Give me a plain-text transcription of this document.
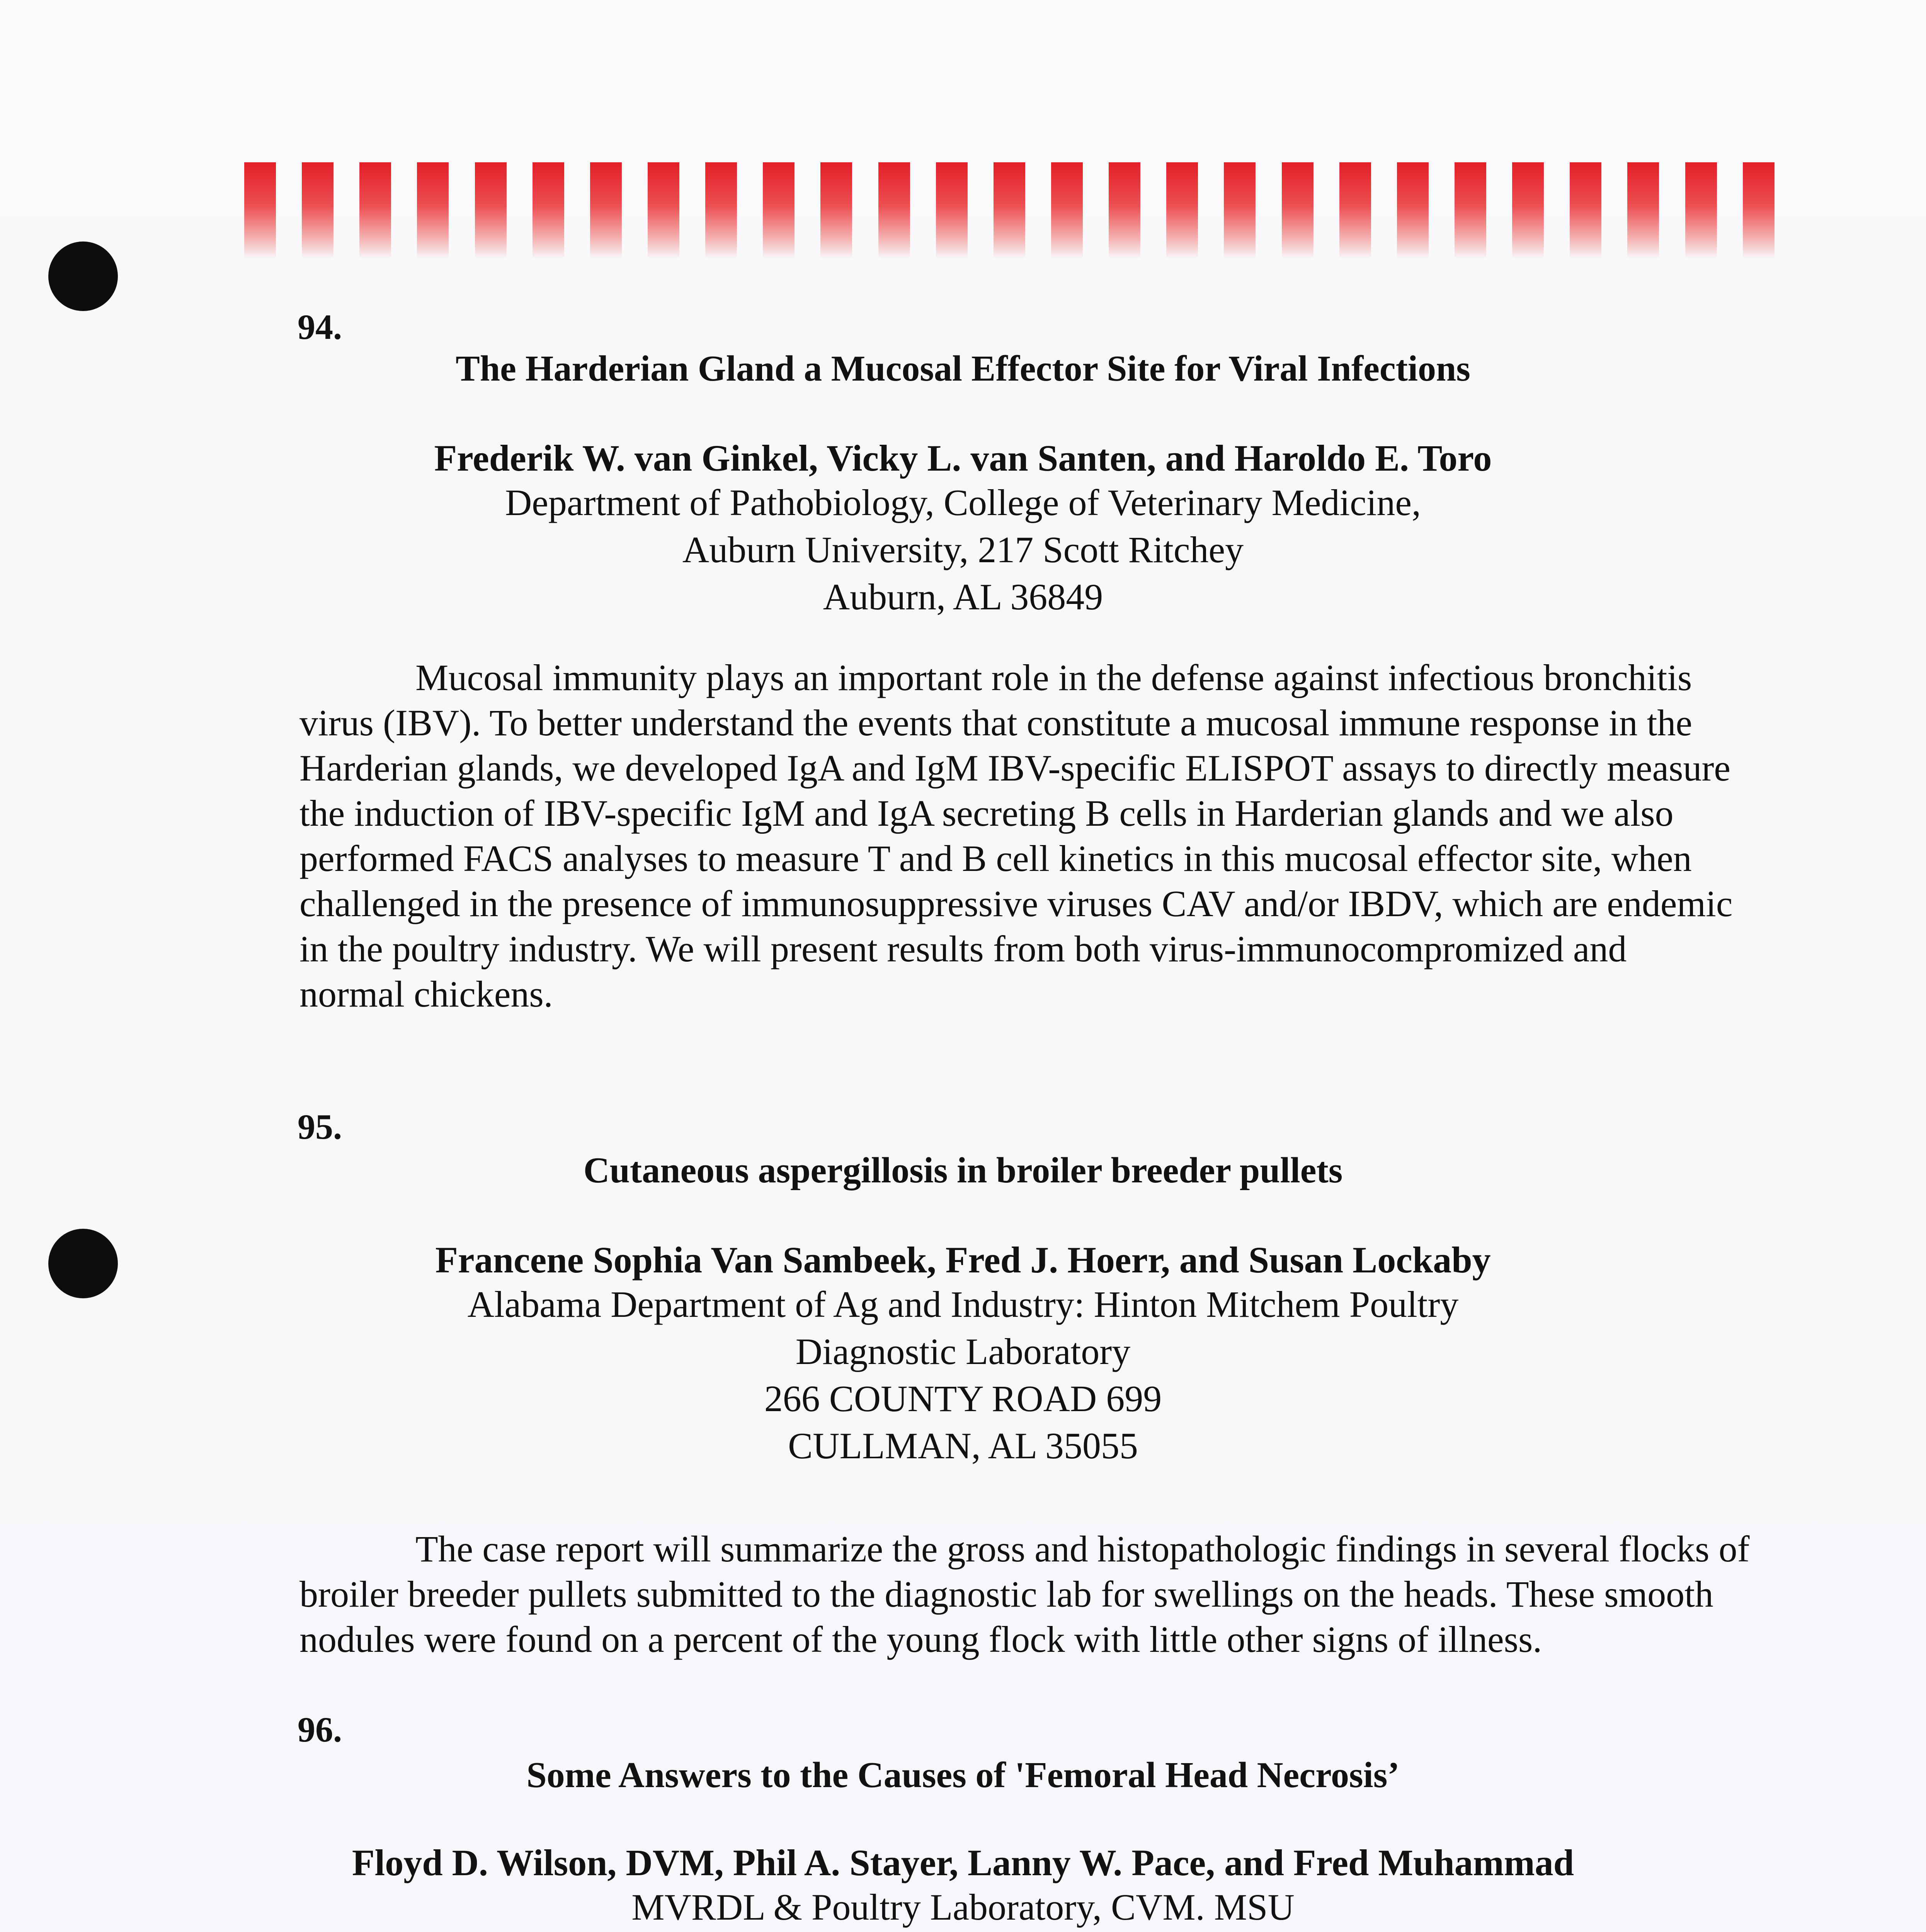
94.
The Harderian Gland a Mucosal Effector Site for Viral Infections
Frederik W. van Ginkel, Vicky L. van Santen, and Haroldo E. Toro
Department of Pathobiology, College of Veterinary Medicine,
Auburn University, 217 Scott Ritchey
Auburn, AL 36849
Mucosal immunity plays an important role in the defense against infectious bronchitis
virus (IBV). To better understand the events that constitute a mucosal immune response in the
Harderian glands, we developed IgA and IgM IBV-specific ELISPOT assays to directly measure
the induction of IBV-specific IgM and IgA secreting B cells in Harderian glands and we also
performed FACS analyses to measure T and B cell kinetics in this mucosal effector site, when
challenged in the presence of immunosuppressive viruses CAV and/or IBDV, which are endemic
in the poultry industry. We will present results from both virus-immunocompromized and
normal chickens.
95.
Cutaneous aspergillosis in broiler breeder pullets
Francene Sophia Van Sambeek, Fred J. Hoerr, and Susan Lockaby
Alabama Department of Ag and Industry: Hinton Mitchem Poultry
Diagnostic Laboratory
266 COUNTY ROAD 699
CULLMAN, AL 35055
The case report will summarize the gross and histopathologic findings in several flocks of
broiler breeder pullets submitted to the diagnostic lab for swellings on the heads. These smooth
nodules were found on a percent of the young flock with little other signs of illness.
96.
Some Answers to the Causes of 'Femoral Head Necrosis’
Floyd D. Wilson, DVM, Phil A. Stayer, Lanny W. Pace, and Fred Muhammad
MVRDL & Poultry Laboratory, CVM. MSU
